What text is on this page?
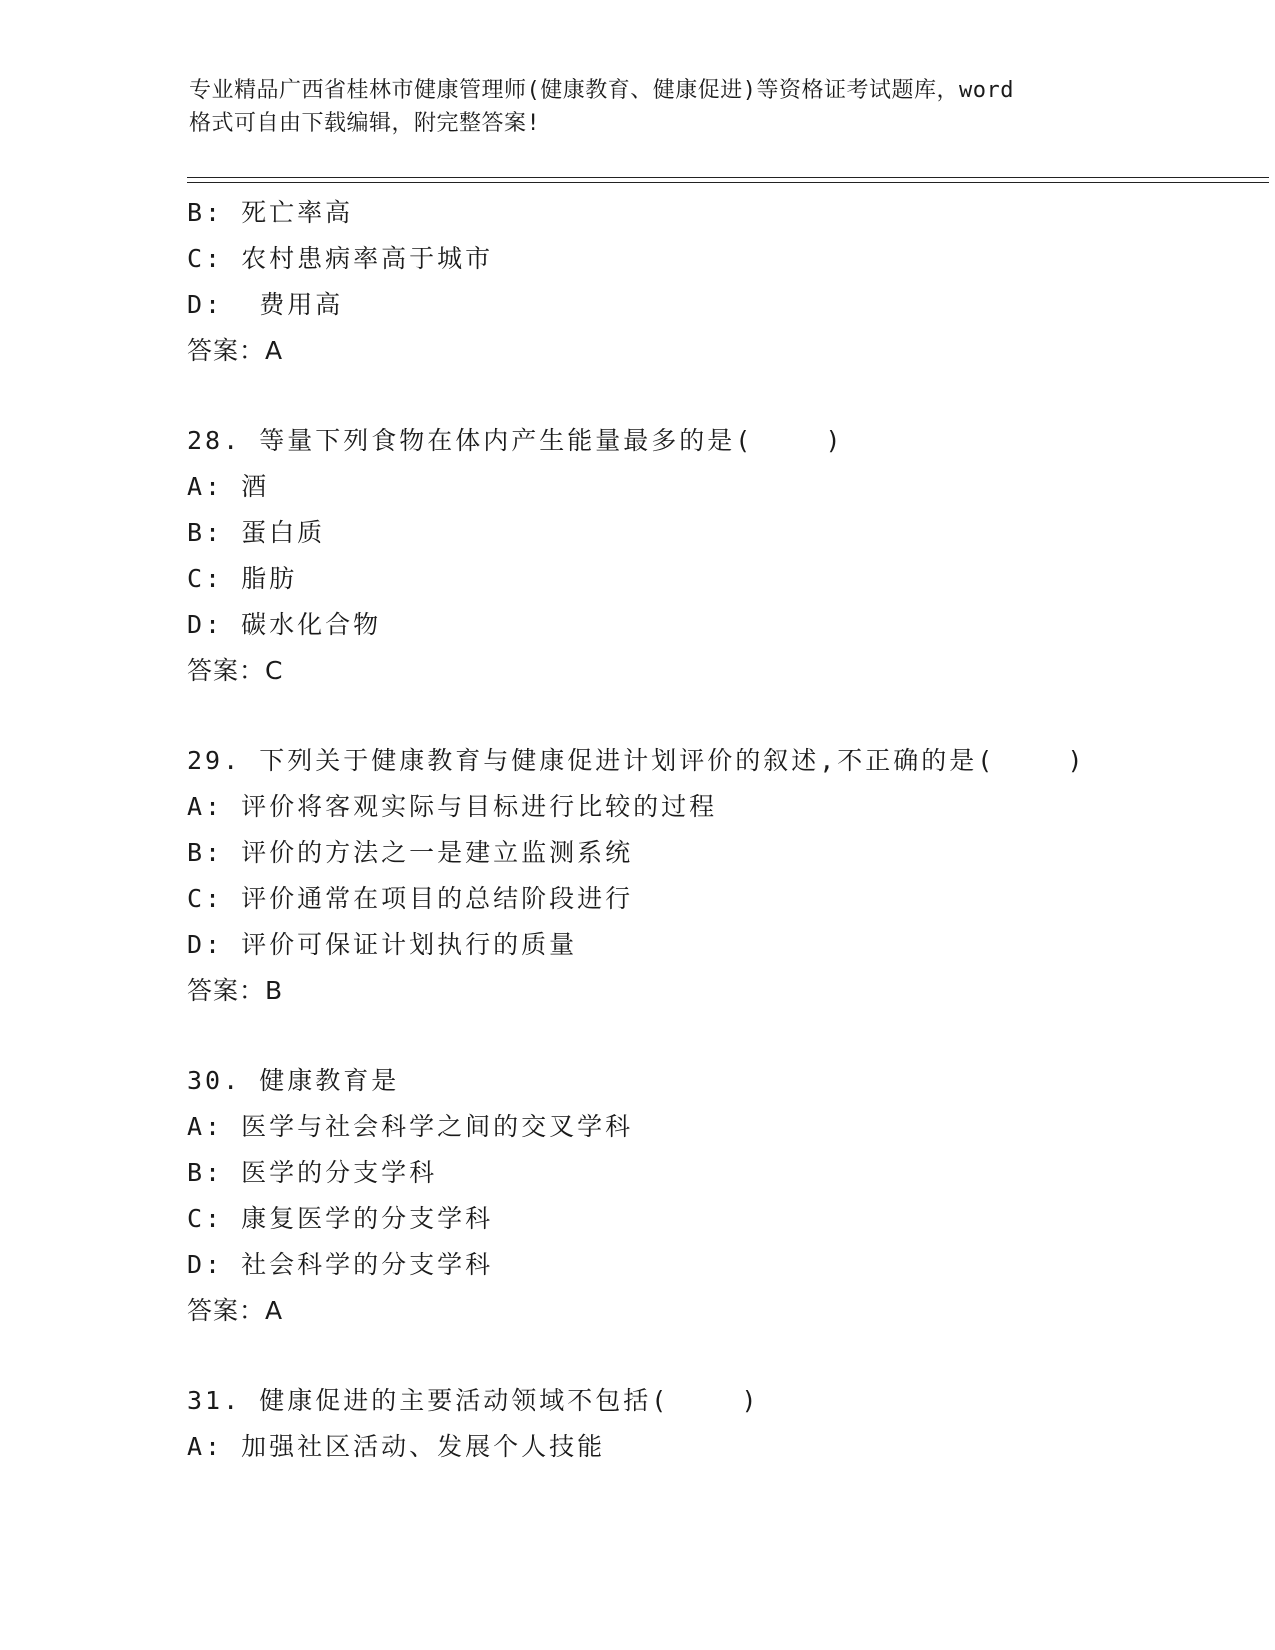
专业精品广西省桂林市健康管理师(健康教育、健康促进)等资格证考试题库，word
格式可自由下载编辑，附完整答案!
B: 死亡率高
C: 农村患病率高于城市
D:  费用高
答案：A
28. 等量下列食物在体内产生能量最多的是(    )
A: 酒
B: 蛋白质
C: 脂肪
D: 碳水化合物
答案：C
29. 下列关于健康教育与健康促进计划评价的叙述,不正确的是(    )
A: 评价将客观实际与目标进行比较的过程
B: 评价的方法之一是建立监测系统
C: 评价通常在项目的总结阶段进行
D: 评价可保证计划执行的质量
答案：B
30. 健康教育是
A: 医学与社会科学之间的交叉学科
B: 医学的分支学科
C: 康复医学的分支学科
D: 社会科学的分支学科
答案：A
31. 健康促进的主要活动领域不包括(    )
A: 加强社区活动、发展个人技能
